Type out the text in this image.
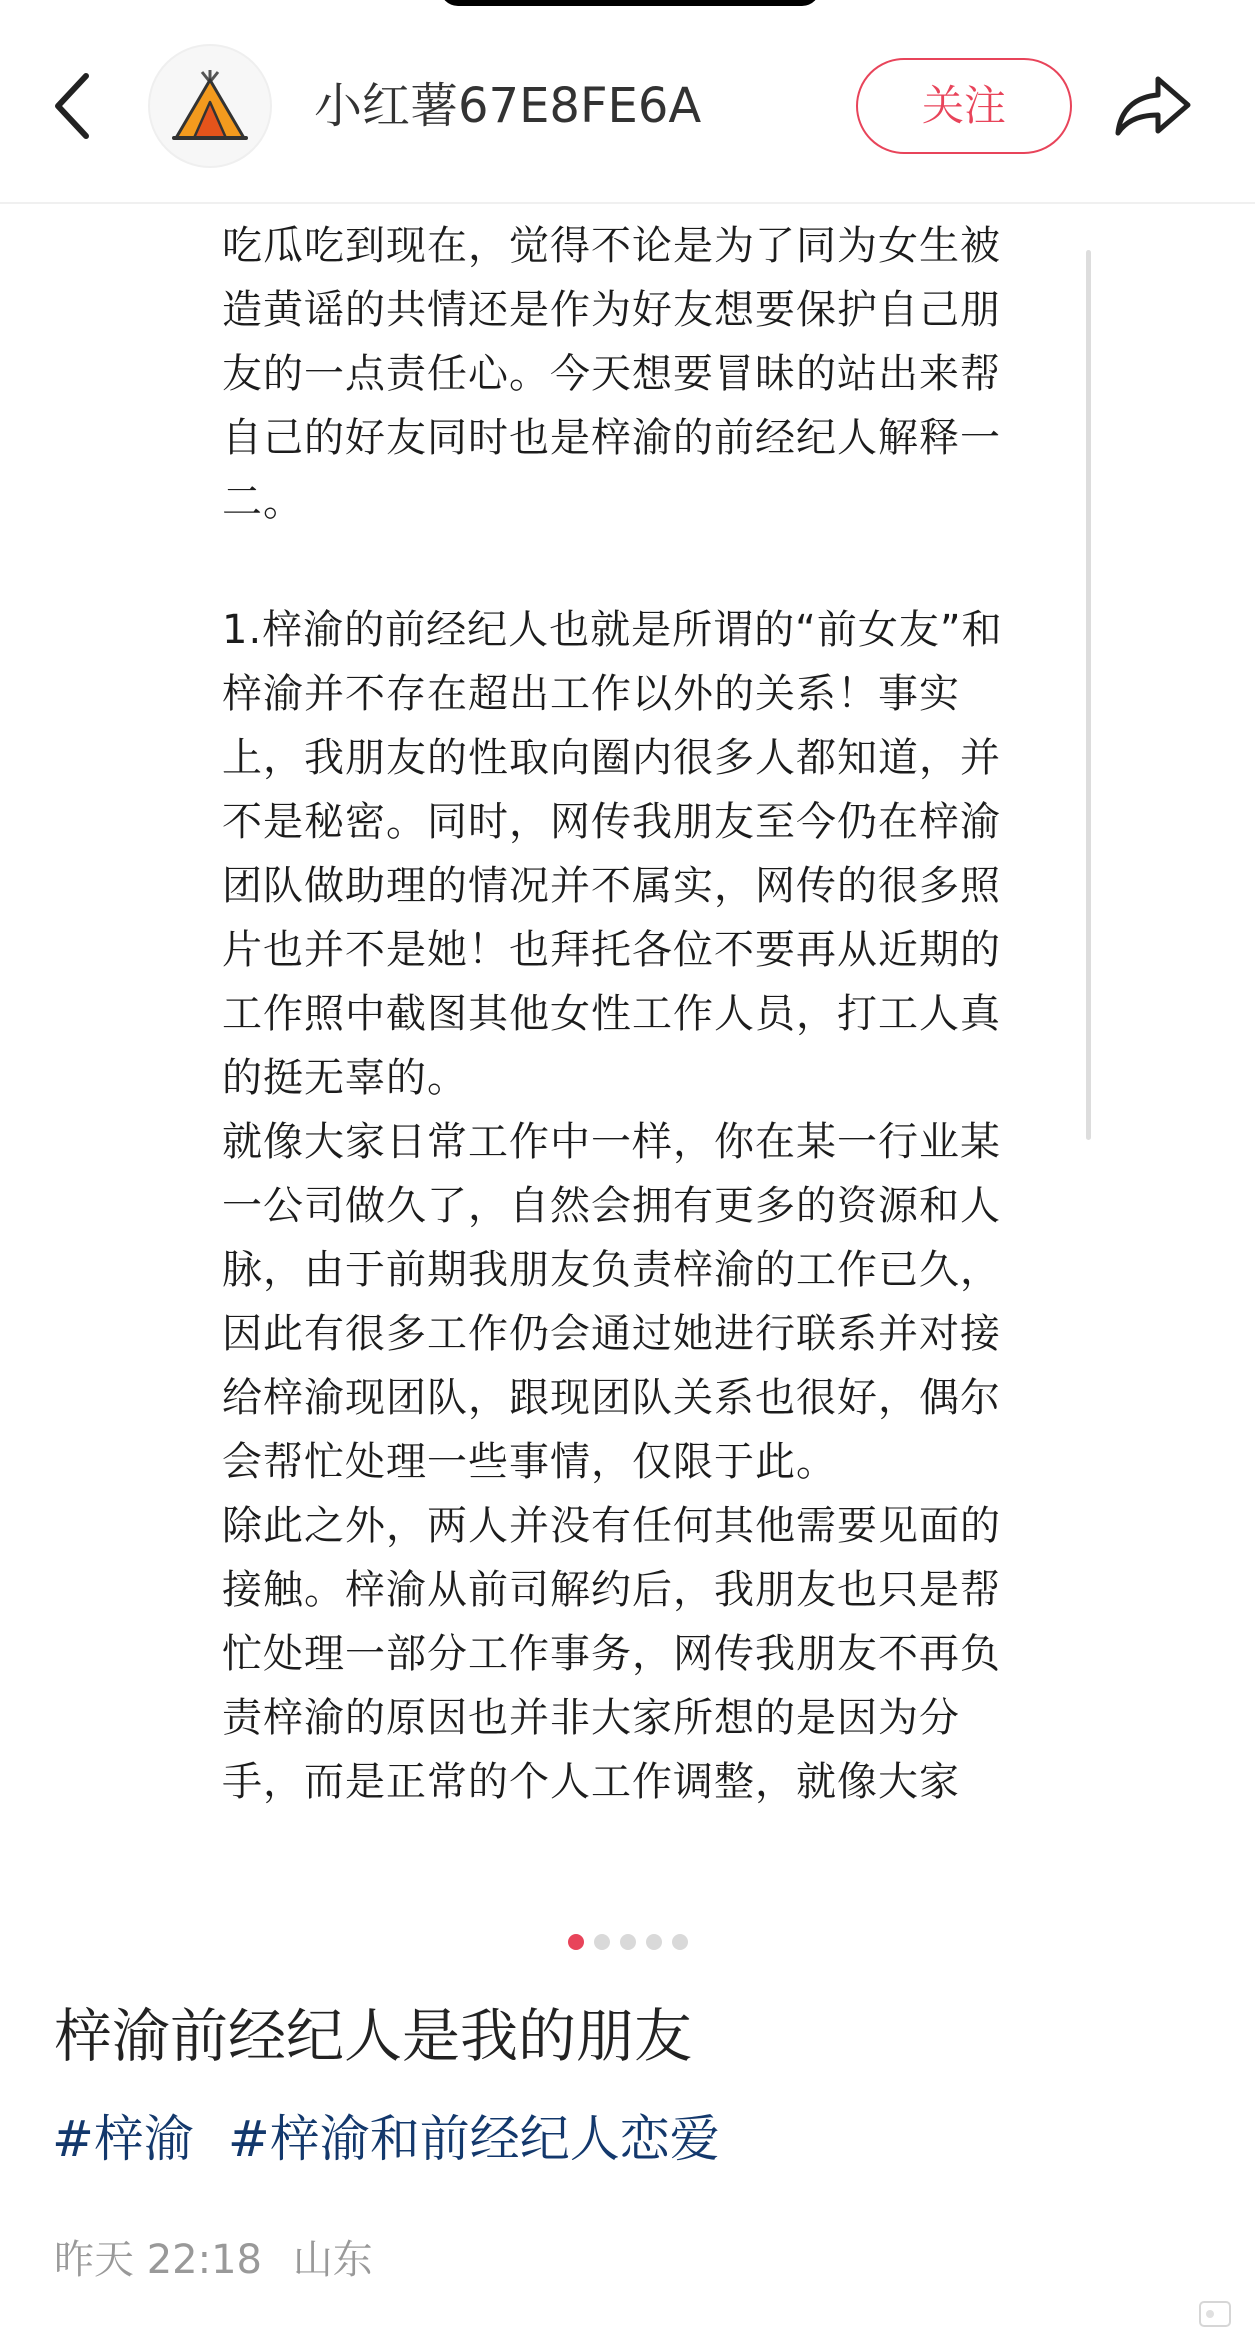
小红薯67E8FE6A	关注

吃瓜吃到现在，觉得不论是为了同为女生被造黄谣的共情还是作为好友想要保护自己朋友的一点责任心。今天想要冒昧的站出来帮自己的好友同时也是梓渝的前经纪人解释一二。

1.梓渝的前经纪人也就是所谓的“前女友”和梓渝并不存在超出工作以外的关系！事实上，我朋友的性取向圈内很多人都知道，并不是秘密。同时，网传我朋友至今仍在梓渝团队做助理的情况并不属实，网传的很多照片也并不是她！也拜托各位不要再从近期的工作照中截图其他女性工作人员，打工人真的挺无辜的。

就像大家日常工作中一样，你在某一行业某一公司做久了，自然会拥有更多的资源和人脉，由于前期我朋友负责梓渝的工作已久，因此有很多工作仍会通过她进行联系并对接给梓渝现团队，跟现团队关系也很好，偶尔会帮忙处理一些事情，仅限于此。

除此之外，两人并没有任何其他需要见面的接触。梓渝从前司解约后，我朋友也只是帮忙处理一部分工作事务，网传我朋友不再负责梓渝的原因也并非大家所想的是因为分手，而是正常的个人工作调整，就像大家

梓渝前经纪人是我的朋友
#梓渝 #梓渝和前经纪人恋爱
昨天 22:18 山东
